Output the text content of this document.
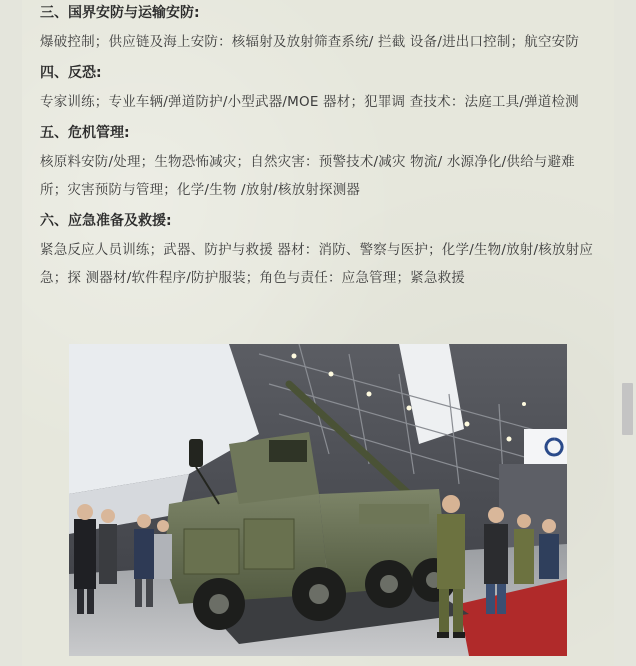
三、国界安防与运输安防:

爆破控制；供应链及海上安防：核辐射及放射筛查系统/ 拦截 设备/进出口控制；航空安防

四、反恐:

专家训练；专业车辆/弹道防护/小型武器/MOE 器材；犯罪调 查技术：法庭工具/弹道检测

五、危机管理:

核原料安防/处理；生物恐怖减灾；自然灾害：预警技术/减灾 物流/ 水源净化/供给与避难所；灾害预防与管理；化学/生物 /放射/核放射探测器

六、应急准备及救援:

紧急反应人员训练；武器、防护与救援 器材：消防、警察与医护；化学/生物/放射/核放射应急；探 测器材/软件程序/防护服装；角色与责任：应急管理；紧急救援
